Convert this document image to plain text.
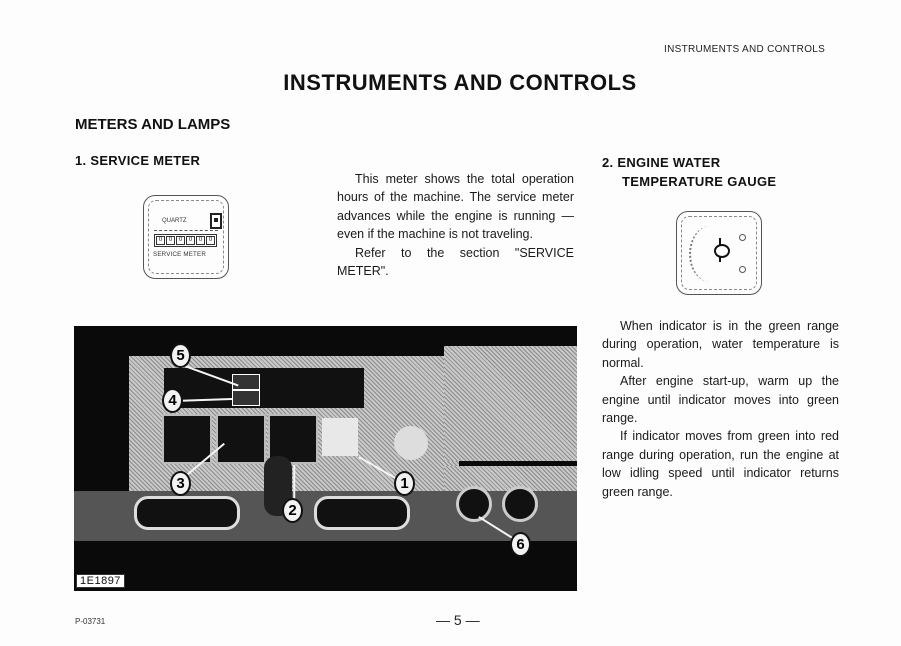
INSTRUMENTS AND CONTROLS
INSTRUMENTS AND CONTROLS
METERS AND LAMPS
1. SERVICE METER	2. ENGINE WATER
TEMPERATURE GAUGE
QUARTZ
0	0	0	0	0	0
SERVICE METER

This meter shows the total operation hours of the machine. The service meter advances while the engine is running — even if the machine is not traveling.

Refer to the section "SERVICE METER".

When indicator is in the green range during operation, water temperature is normal.

After engine start-up, warm up the engine until indicator moves into green range.

If indicator moves from green into red range during operation, run the engine at low idling speed until indicator returns green range.

5
4
3
2
1
6
1E1897
P-03731	— 5 —
